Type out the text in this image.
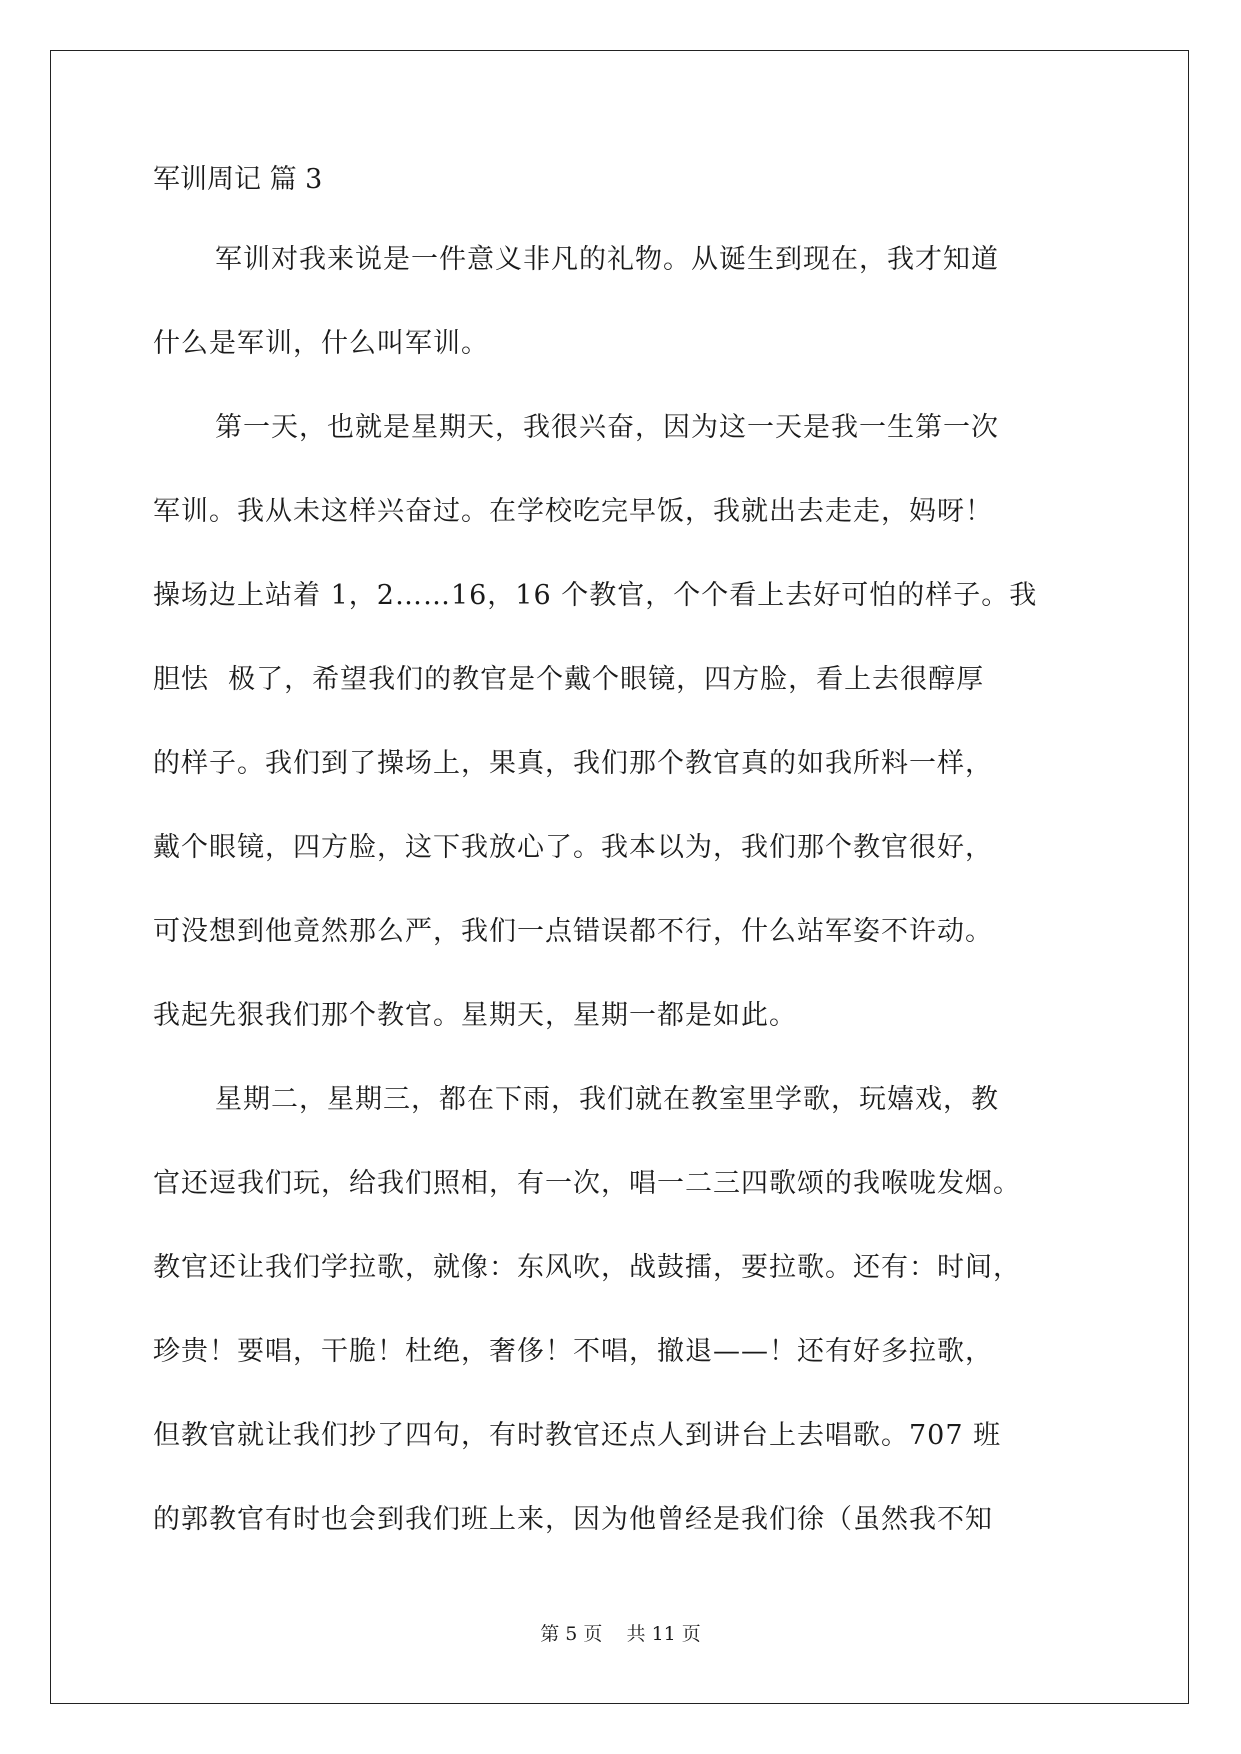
军训周记 篇 3
军训对我来说是一件意义非凡的礼物。从诞生到现在，我才知道
什么是军训，什么叫军训。
第一天，也就是星期天，我很兴奋，因为这一天是我一生第一次
军训。我从未这样兴奋过。在学校吃完早饭，我就出去走走，妈呀！
操场边上站着 1，2……16，16 个教官，个个看上去好可怕的样子。我
胆怯  极了，希望我们的教官是个戴个眼镜，四方脸，看上去很醇厚
的样子。我们到了操场上，果真，我们那个教官真的如我所料一样，
戴个眼镜，四方脸，这下我放心了。我本以为，我们那个教官很好，
可没想到他竟然那么严，我们一点错误都不行，什么站军姿不许动。
我起先狠我们那个教官。星期天，星期一都是如此。
星期二，星期三，都在下雨，我们就在教室里学歌，玩嬉戏，教
官还逗我们玩，给我们照相，有一次，唱一二三四歌颂的我喉咙发烟。
教官还让我们学拉歌，就像：东风吹，战鼓擂，要拉歌。还有：时间，
珍贵！要唱，干脆！杜绝，奢侈！不唱，撤退——！还有好多拉歌，
但教官就让我们抄了四句，有时教官还点人到讲台上去唱歌。707 班
的郭教官有时也会到我们班上来，因为他曾经是我们徐（虽然我不知
第 5 页    共 11 页
